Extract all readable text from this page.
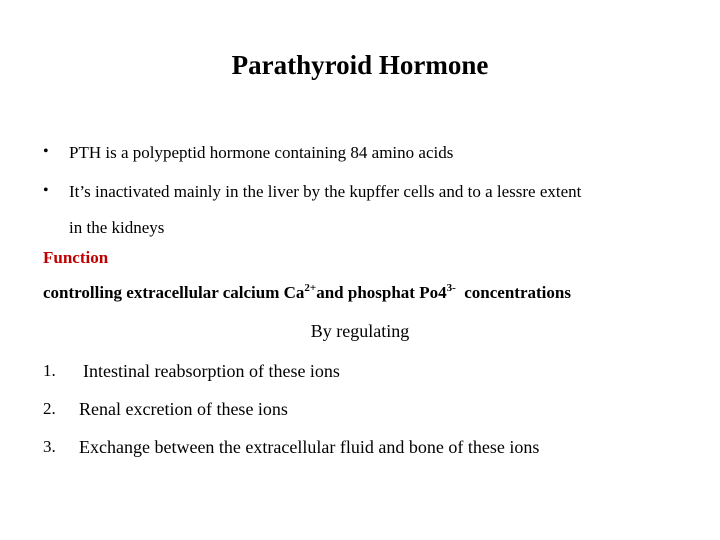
Parathyroid Hormone
• PTH is a polypeptid hormone containing 84 amino acids
• It’s inactivated mainly in the liver by the kupffer cells and to a lessre extent
in the kidneys
Function
controlling extracellular calcium $Ca^{2+}and$ phosphat $Po4^{3-}$ concentrations
By regulating
1. Intestinal reabsorption of these ions
2. Renal excretion of these ions
3. Exchange between the extracellular fluid and bone of these ions
